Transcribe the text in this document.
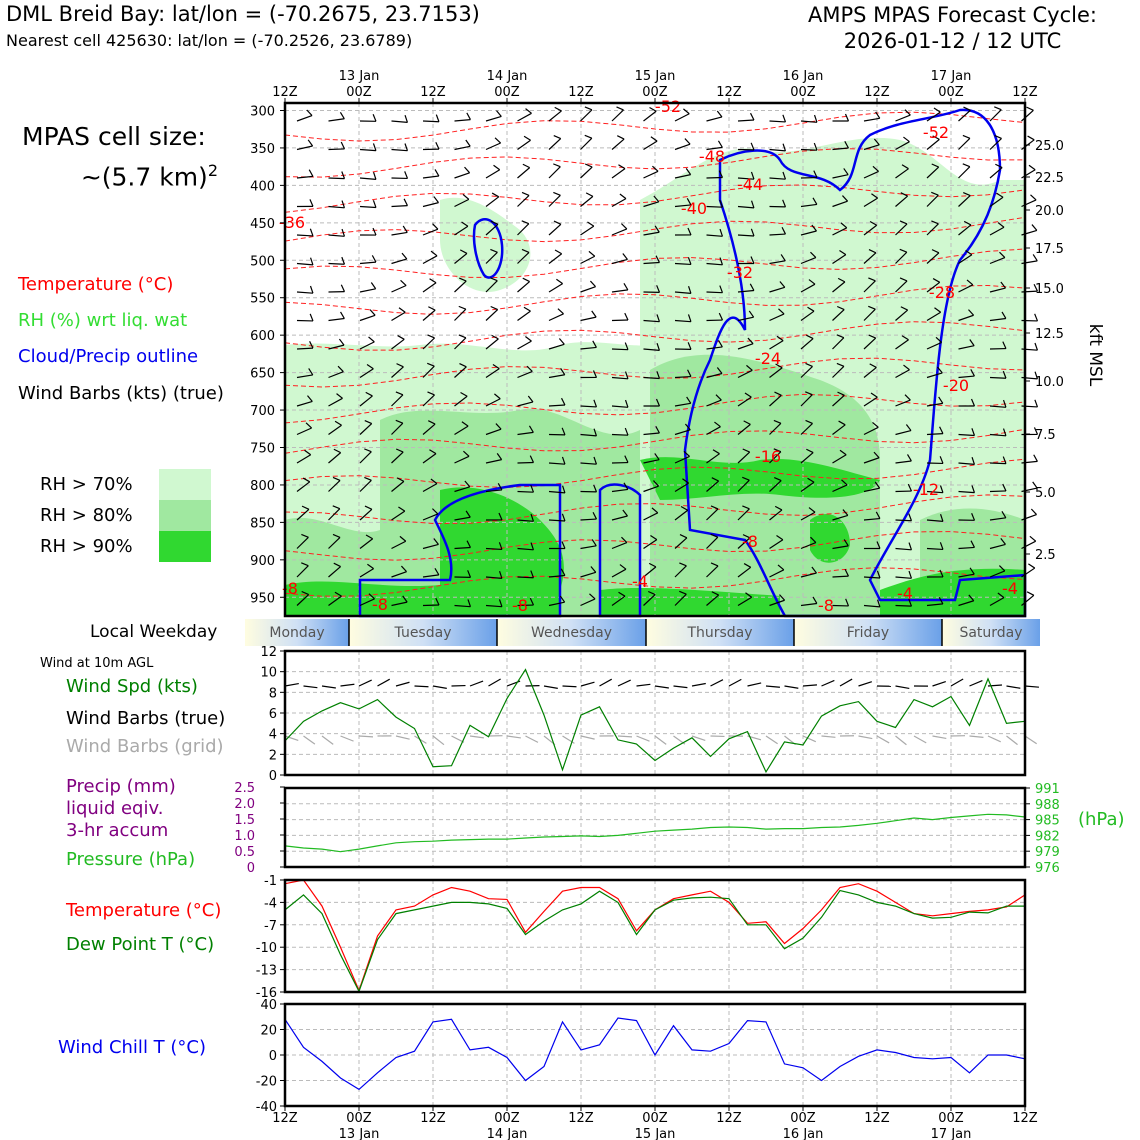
-52
-52
-48
-44
-40
-36
-32
-28
-24
-20
-16
-12
-8
-8
-4
-4
-4
-8	-8
-8
12Z	00Z	12Z	00Z	12Z	00Z	12Z	00Z	12Z	00Z	12Z
13 Jan	14 Jan	15 Jan	16 Jan	17 Jan
300
350
400
450
500
550
600
650
700
750
800
850
900
950
25.0
22.5
20.0
17.5
15.0
12.5
10.0
7.5
5.0
2.5
kft MSL
Monday	Tuesday	Wednesday	Thursday	Friday	Saturday
0
2
4
6
8
10
12
0
0.5
1.0
1.5
2.0
2.5
976
979
982
985
988
991
-16
-13
-10
-7
-4
-1
-40
-20
0
20
40
12Z	00Z	12Z	00Z	12Z	00Z	12Z	00Z	12Z	00Z	12Z
13 Jan	14 Jan	15 Jan	16 Jan	17 Jan
DML Breid Bay: lat/lon = (-70.2675, 23.7153)
Nearest cell 425630: lat/lon = (-70.2526, 23.6789)
AMPS MPAS Forecast Cycle:
2026-01-12 / 12 UTC
MPAS cell size:
~(5.7 km)$^2$
Temperature (°C)
RH (%) wrt liq. wat
Cloud/Precip outline
Wind Barbs (kts) (true)
RH > 70%
RH > 80%
RH > 90%
Local Weekday
Wind at 10m AGL
Wind Spd (kts)
Wind Barbs (true)
Wind Barbs (grid)
Precip (mm)
liquid eqiv.
3-hr accum
Pressure (hPa)
(hPa)
Temperature (°C)
Dew Point T (°C)
Wind Chill T (°C)
